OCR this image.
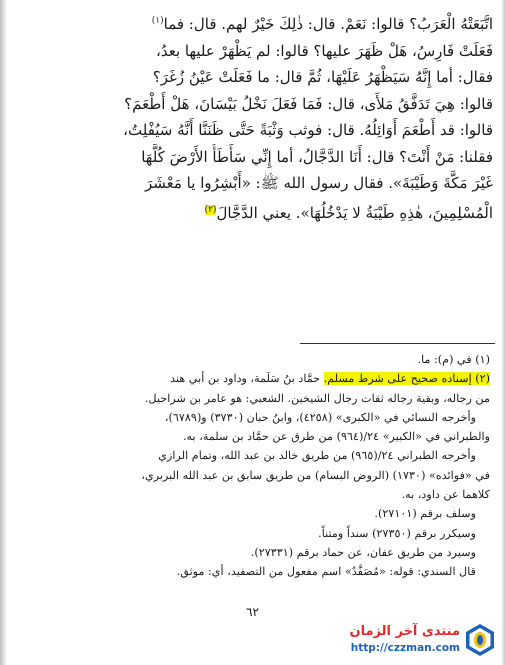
اتَّبَعَتْهُ الْعَرَبُ؟ قالوا: نَعَمْ. قال: ذٰلِكَ خَيْرٌ لهم. قال: فما$^{(١)}$
فَعَلَتْ فَارِسُ، هَلْ ظَهَرَ عليها؟ قالوا: لم يَظْهَرْ عليها بعدُ،
فقال: أما إِنَّهُ سَيَظْهَرُ عَلَيْهَا، ثُمَّ قال: ما فَعَلَتْ عَيْنُ زُغَرَ؟
قالوا: هِيَ تَدَفَّقُ مَلأَى، قال: فَمَا فَعَلَ نَخْلُ بَيْسَانَ، هَلْ أَطْعَمَ؟
قالوا: قد أَطْعَمَ أَوَائِلُهُ. قال: فوثب وَثْبَةً حَتَّى ظَنَنَّا أَنَّهُ سَيُفْلِتُ،
فقلنا: مَنْ أَنْتَ؟ قال: أَنَا الدَّجَّالُ، أما إِنِّي سَأَطَأُ الأَرْضَ كُلَّهَا
غَيْرَ مَكَّةَ وَطَيْبَةَ». فقال رسول الله ﷺ: «أَبْشِرُوا يا مَعْشَرَ
الْمُسْلِمِينَ، هٰذِهِ طَيْبَةُ لا يَدْخُلُهَا». يعني الدَّجَّالَ$^{(٢)}$
(١) في (م): ما.
(٢) إسناده صحيح على شرط مسلم. حمَّاد بنُ سَلَمة، وداود بن أبي هند
من رجاله، وبقية رجاله ثقات رجال الشيخين. الشعبي: هو عامر بن شراحيل.
وأخرجه النسائي في «الكبرى» (٤٢٥٨)، وابنُ حبان (٣٧٣٠) و(٦٧٨٩)،
والطبراني في «الكبير» ٢٤/(٩٦٤) من طرق عن حمَّاد بن سلمة، به.
وأخرجه الطبراني ٢٤/(٩٦٥) من طريق خالد بن عبد الله، وتمام الرازي
في «فوائده» (١٧٣٠) (الروض البسام) من طريق سابق بن عبد الله البربري،
كلاهما عن داود، به.
وسلف برقم (٢٧١٠١).
وسيكرر برقم (٢٧٣٥٠) سنداً ومتناً.
وسيرد من طريق عفان، عن حماد برقم (٢٧٣٣١).
قال السندي: قوله: «مُصَفَّدٌ» اسم مفعول من التصفيد، أي: موثق.
٦٢
منتدى آخر الزمان
http://czzman.com
